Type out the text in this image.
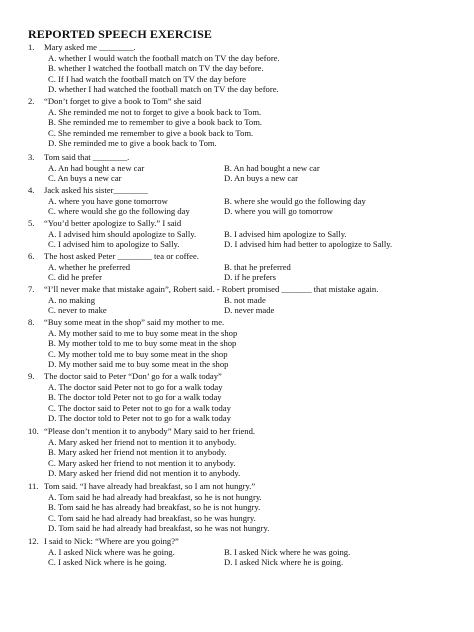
REPORTED SPEECH EXERCISE
1. Mary asked me ________.
A. whether I would watch the football match on TV the day before.
B. whether I watched the football match on TV the day before.
C. If I had watch the football match on TV the day before
D. whether I had watched the football match on TV the day before.
2. “Don’t forget to give a book to Tom” she said
A. She reminded me not to forget to give a book back to Tom.
B. She reminded me to remember to give a book back to Tom.
C. She reminded me remember to give a book back to Tom.
D. She reminded me to give a book back to Tom.
3. Tom said that ________.
A. An had bought a new car	B. An had bought a new car
C. An buys a new car	D. An buys a new car
4. Jack asked his sister________
A. where you have gone tomorrow	B. where she would go the following day
C. where would she go the following day	D. where you will go tomorrow
5. “You’d better apologize to Sally.” I said
A. I advised him should apologize to Sally.	B. I advised him apologize to Sally.
C. I advised him to apologize to Sally.	D. I advised him had better to apologize to Sally.
6. The host asked Peter ________ tea or coffee.
A. whether he preferred	B. that he preferred
C. did he prefer	D. if he prefers
7. “I’ll never make that mistake again”, Robert said. - Robert promised _______ that mistake again.
A. no making	B. not made
C. never to make	D. never made
8. “Buy some meat in the shop” said my mother to me.
A. My mother said to me to buy some meat in the shop
B. My mother told to me to buy some meat in the shop
C. My mother told me to buy some meat in the shop
D. My mother said me to buy some meat in the shop
9. The doctor said to Peter “Don’ go for a walk today”
A. The doctor said Peter not to go for a walk today
B. The doctor told Peter not to go for a walk today
C. The doctor said to Peter not to go for a walk today
D. The doctor told to Peter not to go for a walk today
10. “Please don’t mention it to anybody” Mary said to her friend.
A. Mary asked her friend not to mention it to anybody.
B. Mary asked her friend not mention it to anybody.
C. Mary asked her friend to not mention it to anybody.
D. Mary asked her friend did not mention it to anybody.
11. Tom said. “I have already had breakfast, so I am not hungry.”
A. Tom said he had already had breakfast, so he is not hungry.
B. Tom said he has already had breakfast, so he is not hungry.
C. Tom said he had already had breakfast, so he was hungry.
D. Tom said he had already had breakfast, so he was not hungry.
12. I said to Nick: “Where are you going?”
A. I asked Nick where was he going.	B. I asked Nick where he was going.
C. I asked Nick where is he going.	D. I asked Nick where he is going.
